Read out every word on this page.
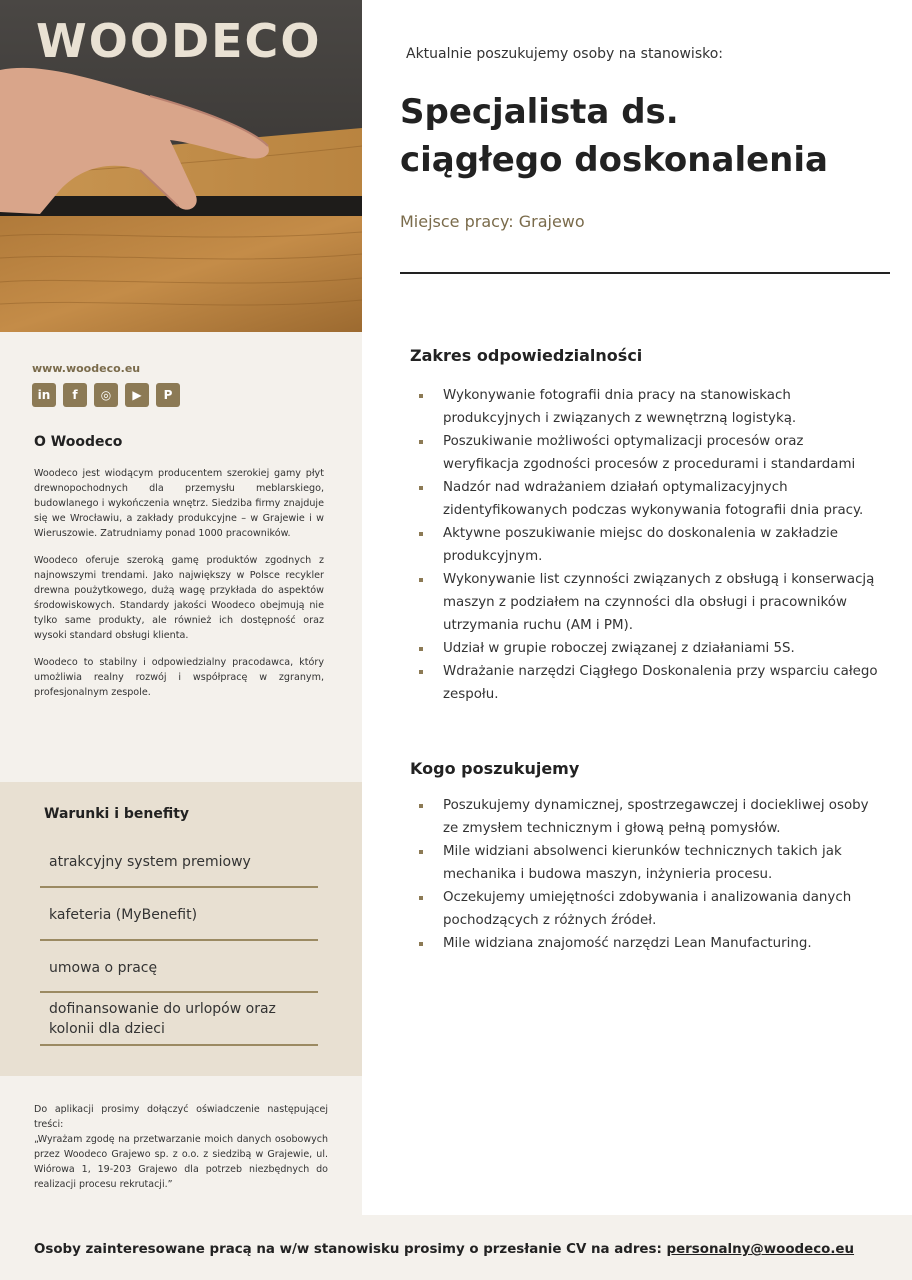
WOODECO
www.woodeco.eu
in	f	◎	▶	P
O Woodeco

Woodeco jest wiodącym producentem szerokiej gamy płyt drewnopochodnych dla przemysłu meblarskiego, budowlanego i wykończenia wnętrz. Siedziba firmy znajduje się we Wrocławiu, a zakłady produkcyjne – w Grajewie i w Wieruszowie. Zatrudniamy ponad 1000 pracowników.

Woodeco oferuje szeroką gamę produktów zgodnych z najnowszymi trendami. Jako największy w Polsce recykler drewna poużytkowego, dużą wagę przykłada do aspektów środowiskowych. Standardy jakości Woodeco obejmują nie tylko same produkty, ale również ich dostępność oraz wysoki standard obsługi klienta.

Woodeco to stabilny i odpowiedzialny pracodawca, który umożliwia realny rozwój i współpracę w zgranym, profesjonalnym zespole.

Warunki i benefity
atrakcyjny system premiowy
kafeteria (MyBenefit)
umowa o pracę
dofinansowanie do urlopów oraz kolonii dla dzieci

Do aplikacji prosimy dołączyć oświadczenie następującej treści:

„Wyrażam zgodę na przetwarzanie moich danych osobowych przez Woodeco Grajewo sp. z o.o. z siedzibą w Grajewie, ul. Wiórowa 1, 19-203 Grajewo dla potrzeb niezbędnych do realizacji procesu rekrutacji.”

Aktualnie poszukujemy osoby na stanowisko:
Specjalista ds.
ciągłego doskonalenia
Miejsce pracy: Grajewo
Zakres odpowiedzialności
Wykonywanie fotografii dnia pracy na stanowiskach produkcyjnych i związanych z wewnętrzną logistyką.
Poszukiwanie możliwości optymalizacji procesów oraz weryfikacja zgodności procesów z procedurami i standardami
Nadzór nad wdrażaniem działań optymalizacyjnych zidentyfikowanych podczas wykonywania fotografii dnia pracy.
Aktywne poszukiwanie miejsc do doskonalenia w zakładzie produkcyjnym.
Wykonywanie list czynności związanych z obsługą i konserwacją maszyn z podziałem na czynności dla obsługi i pracowników utrzymania ruchu (AM i PM).
Udział w grupie roboczej związanej z działaniami 5S.
Wdrażanie narzędzi Ciągłego Doskonalenia przy wsparciu całego zespołu.
Kogo poszukujemy
Poszukujemy dynamicznej, spostrzegawczej i dociekliwej osoby ze zmysłem technicznym i głową pełną pomysłów.
Mile widziani absolwenci kierunków technicznych takich jak mechanika i budowa maszyn, inżynieria procesu.
Oczekujemy umiejętności zdobywania i analizowania danych pochodzących z różnych źródeł.
Mile widziana znajomość narzędzi Lean Manufacturing.
Osoby zainteresowane pracą na w/w stanowisku prosimy o przesłanie CV na adres: personalny@woodeco.eu
